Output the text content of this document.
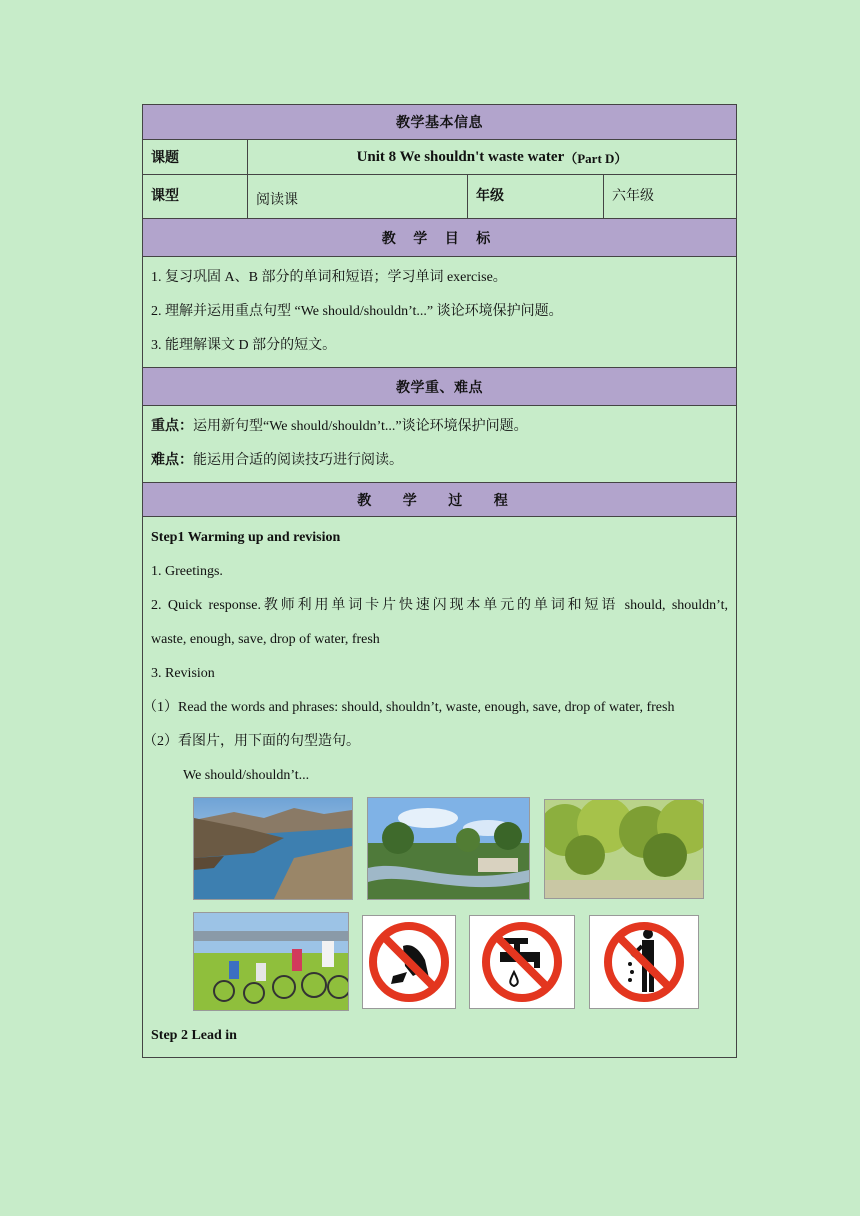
教学基本信息
课题	Unit 8 We shouldn't waste water （Part D）
课型	阅读课	年级	六年级
教 学 目 标

1. 复习巩固 A、B 部分的单词和短语；学习单词 exercise。

2. 理解并运用重点句型 “We should/shouldn’t...” 谈论环境保护问题。

3. 能理解课文 D 部分的短文。

教学重、难点

重点：运用新句型“We should/shouldn’t...”谈论环境保护问题。

难点：能运用合适的阅读技巧进行阅读。

教 学 过 程

Step1 Warming up and revision

1. Greetings.

2. Quick response.教师利用单词卡片快速闪现本单元的单词和短语 should, shouldn’t,

waste, enough, save, drop of water, fresh

3. Revision

（1）Read the words and phrases: should, shouldn’t, waste, enough, save, drop of water, fresh

（2）看图片，用下面的句型造句。

We should/shouldn’t...

Step 2 Lead in
